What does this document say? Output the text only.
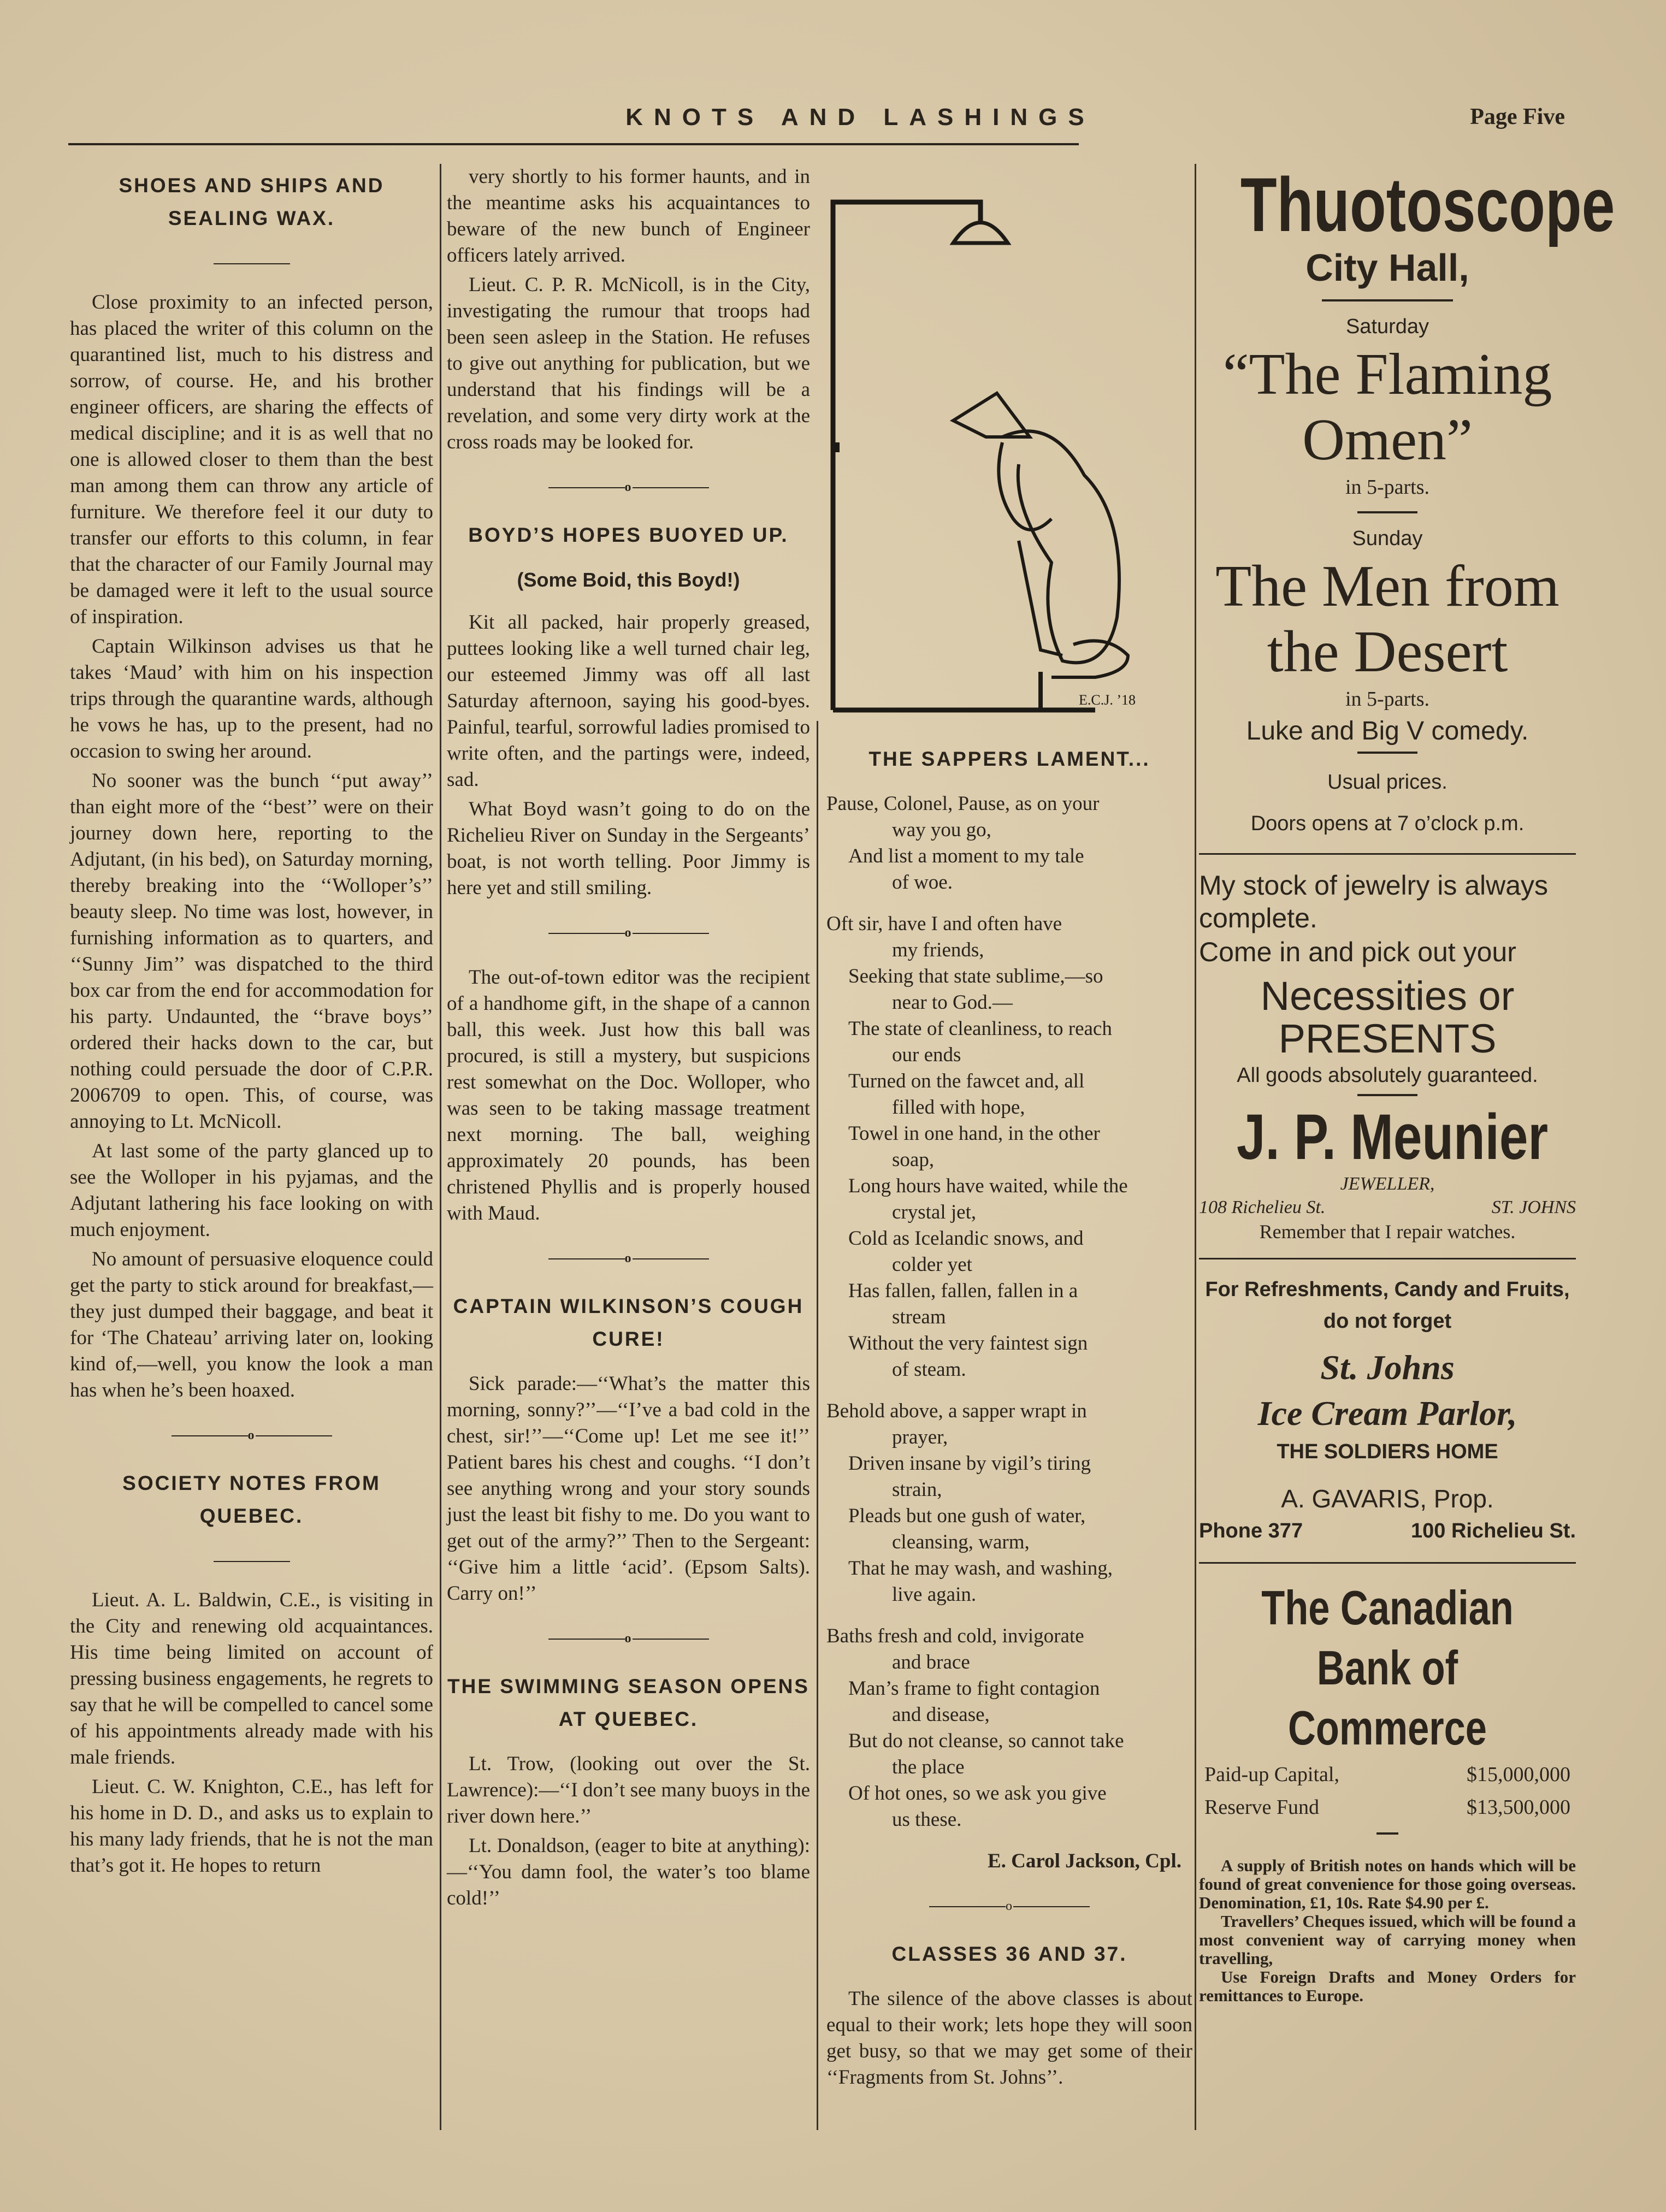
KNOTS AND LASHINGS	Page Five
SHOES AND SHIPS AND SEALING WAX.

Close proximity to an infected person, has placed the writer of this column on the quarantined list, much to his distress and sorrow, of course. He, and his brother engineer officers, are sharing the effects of medical discipline; and it is as well that no one is allowed closer to them than the best man among them can throw any article of furniture. We therefore feel it our duty to transfer our efforts to this column, in fear that the character of our Family Journal may be damaged were it left to the usual source of inspiration.

Captain Wilkinson advises us that he takes ‘Maud’ with him on his inspection trips through the quarantine wards, although he vows he has, up to the present, had no occasion to swing her around.

No sooner was the bunch ‘‘put away’’ than eight more of the ‘‘best’’ were on their journey down here, reporting to the Adjutant, (in his bed), on Saturday morning, thereby breaking into the ‘‘Wolloper’s’’ beauty sleep. No time was lost, however, in furnishing information as to quarters, and ‘‘Sunny Jim’’ was dispatched to the third box car from the end for accommodation for his party. Undaunted, the ‘‘brave boys’’ ordered their hacks down to the car, but nothing could persuade the door of C.P.R. 2006709 to open. This, of course, was annoying to Lt. McNicoll.

At last some of the party glanced up to see the Wolloper in his pyjamas, and the Adjutant lathering his face looking on with much enjoyment.

No amount of persuasive eloquence could get the party to stick around for breakfast,—they just dumped their baggage, and beat it for ‘The Chateau’ arriving later on, looking kind of,—well, you know the look a man has when he’s been hoaxed.

o
SOCIETY NOTES FROM QUEBEC.

Lieut. A. L. Baldwin, C.E., is visiting in the City and renewing old acquaintances. His time being limited on account of pressing business engagements, he regrets to say that he will be compelled to cancel some of his appointments already made with his male friends.

Lieut. C. W. Knighton, C.E., has left for his home in D. D., and asks us to explain to his many lady friends, that he is not the man that’s got it. He hopes to return

very shortly to his former haunts, and in the meantime asks his acquaintances to beware of the new bunch of Engineer officers lately arrived.

Lieut. C. P. R. McNicoll, is in the City, investigating the rumour that troops had been seen asleep in the Station. He refuses to give out anything for publication, but we understand that his findings will be a revelation, and some very dirty work at the cross roads may be looked for.

o
BOYD’S HOPES BUOYED UP.
(Some Boid, this Boyd!)

Kit all packed, hair properly greased, puttees looking like a well turned chair leg, our esteemed Jimmy was off all last Saturday afternoon, saying his good-byes. Painful, tearful, sorrowful ladies promised to write often, and the partings were, indeed, sad.

What Boyd wasn’t going to do on the Richelieu River on Sunday in the Sergeants’ boat, is not worth telling. Poor Jimmy is here yet and still smiling.

o

The out-of-town editor was the recipient of a handhome gift, in the shape of a cannon ball, this week. Just how this ball was procured, is still a mystery, but suspicions rest somewhat on the Doc. Wolloper, who was seen to be taking massage treatment next morning. The ball, weighing approximately 20 pounds, has been christened Phyllis and is properly housed with Maud.

o
CAPTAIN WILKINSON’S COUGH CURE!

Sick parade:—‘‘What’s the matter this morning, sonny?’’—‘‘I’ve a bad cold in the chest, sir!’’—‘‘Come up! Let me see it!’’ Patient bares his chest and coughs. ‘‘I don’t see anything wrong and your story sounds just the least bit fishy to me. Do you want to get out of the army?’’ Then to the Sergeant: ‘‘Give him a little ‘acid’. (Epsom Salts). Carry on!’’

o
THE SWIMMING SEASON OPENS AT QUEBEC.

Lt. Trow, (looking out over the St. Lawrence):—‘‘I don’t see many buoys in the river down here.’’

Lt. Donaldson, (eager to bite at anything):—‘‘You damn fool, the water’s too blame cold!’’

E.C.J. ’18
THE SAPPERS LAMENT...
Pause, Colonel, Pause, as on your
way you go,
And list a moment to my tale
of woe.
Oft sir, have I and often have
my friends,
Seeking that state sublime,—so
near to God.—
The state of cleanliness, to reach
our ends
Turned on the fawcet and, all
filled with hope,
Towel in one hand, in the other
soap,
Long hours have waited, while the
crystal jet,
Cold as Icelandic snows, and
colder yet
Has fallen, fallen, fallen in a
stream
Without the very faintest sign
of steam.
Behold above, a sapper wrapt in
prayer,
Driven insane by vigil’s tiring
strain,
Pleads but one gush of water,
cleansing, warm,
That he may wash, and washing,
live again.
Baths fresh and cold, invigorate
and brace
Man’s frame to fight contagion
and disease,
But do not cleanse, so cannot take
the place
Of hot ones, so we ask you give
us these.
E. Carol Jackson, Cpl.
o
CLASSES 36 AND 37.

The silence of the above classes is about equal to their work; lets hope they will soon get busy, so that we may get some of their ‘‘Fragments from St. Johns’’.

Thuotoscope
City Hall,
Saturday
“The Flaming Omen”
in 5-parts.
Sunday
The Men from the Desert
in 5-parts.
Luke and Big V comedy.
Usual prices.
Doors opens at 7 o’clock p.m.
My stock of jewelry is always complete.
Come in and pick out your
Necessities or PRESENTS
All goods absolutely guaranteed.
J. P. Meunier
JEWELLER,
108 Richelieu St.	ST. JOHNS
Remember that I repair watches.
For Refreshments, Candy and Fruits, do not forget
St. Johns
Ice Cream Parlor,
THE SOLDIERS HOME
A. GAVARIS, Prop.
Phone 377	100 Richelieu St.
The Canadian Bank of Commerce
Paid-up Capital,	$15,000,000
Reserve Fund	$13,500,000

A supply of British notes on hands which will be found of great convenience for those going overseas. Denomination, £1, 10s. Rate $4.90 per £.

Travellers’ Cheques issued, which will be found a most convenient way of carrying money when travelling,

Use Foreign Drafts and Money Orders for remittances to Europe.
